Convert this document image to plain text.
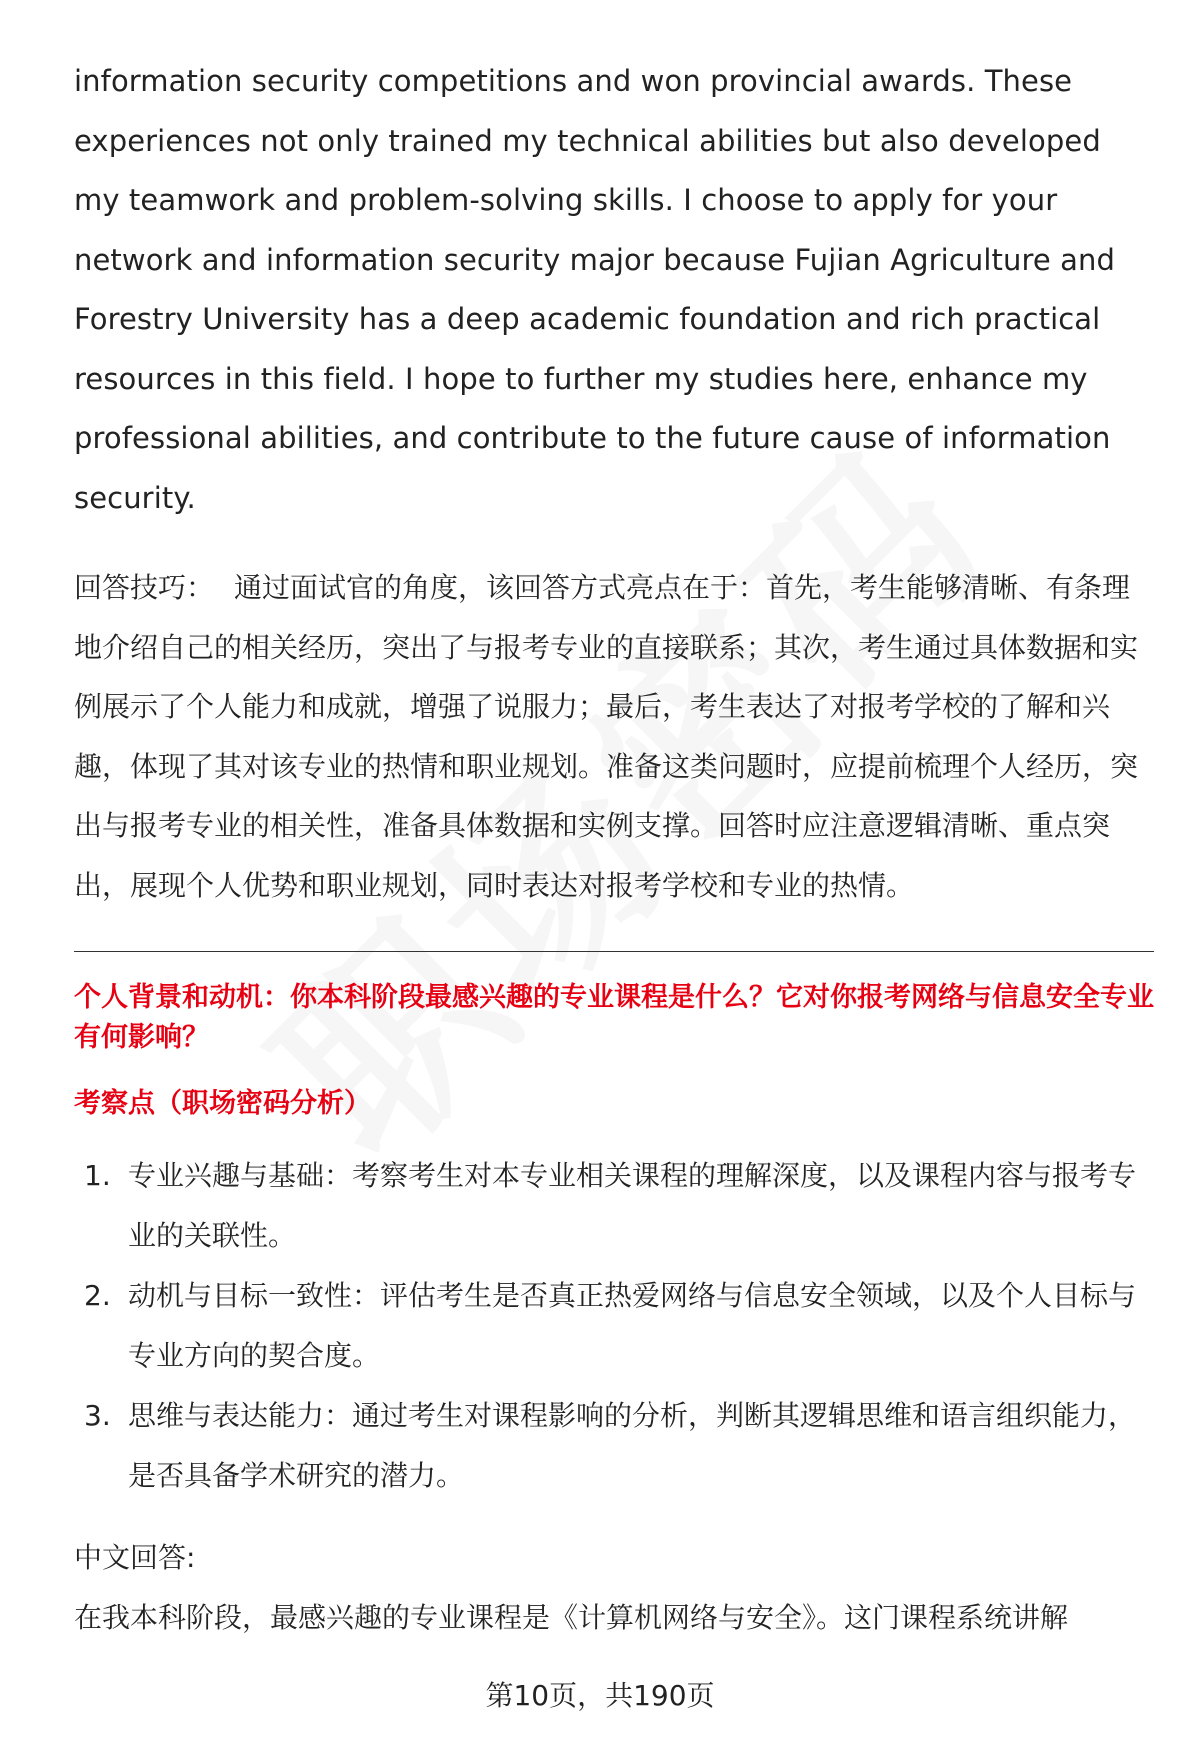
information security competitions and won provincial awards. These experiences not only trained my technical abilities but also developed my teamwork and problem-solving skills. I choose to apply for your network and information security major because Fujian Agriculture and Forestry University has a deep academic foundation and rich practical resources in this field. I hope to further my studies here, enhance my professional abilities, and contribute to the future cause of information security.

回答技巧： 通过面试官的角度，该回答方式亮点在于：首先，考生能够清晰、有条理地介绍自己的相关经历，突出了与报考专业的直接联系；其次，考生通过具体数据和实例展示了个人能力和成就，增强了说服力；最后，考生表达了对报考学校的了解和兴趣，体现了其对该专业的热情和职业规划。准备这类问题时，应提前梳理个人经历，突出与报考专业的相关性，准备具体数据和实例支撑。回答时应注意逻辑清晰、重点突出，展现个人优势和职业规划，同时表达对报考学校和专业的热情。

个人背景和动机：你本科阶段最感兴趣的专业课程是什么？它对你报考网络与信息安全专业有何影响？

考察点（职场密码分析）

1. 专业兴趣与基础：考察考生对本专业相关课程的理解深度，以及课程内容与报考专业的关联性。
2. 动机与目标一致性：评估考生是否真正热爱网络与信息安全领域，以及个人目标与专业方向的契合度。
3. 思维与表达能力：通过考生对课程影响的分析，判断其逻辑思维和语言组织能力，是否具备学术研究的潜力。

中文回答:

在我本科阶段，最感兴趣的专业课程是《计算机网络与安全》。这门课程系统讲解

第10页，共190页
